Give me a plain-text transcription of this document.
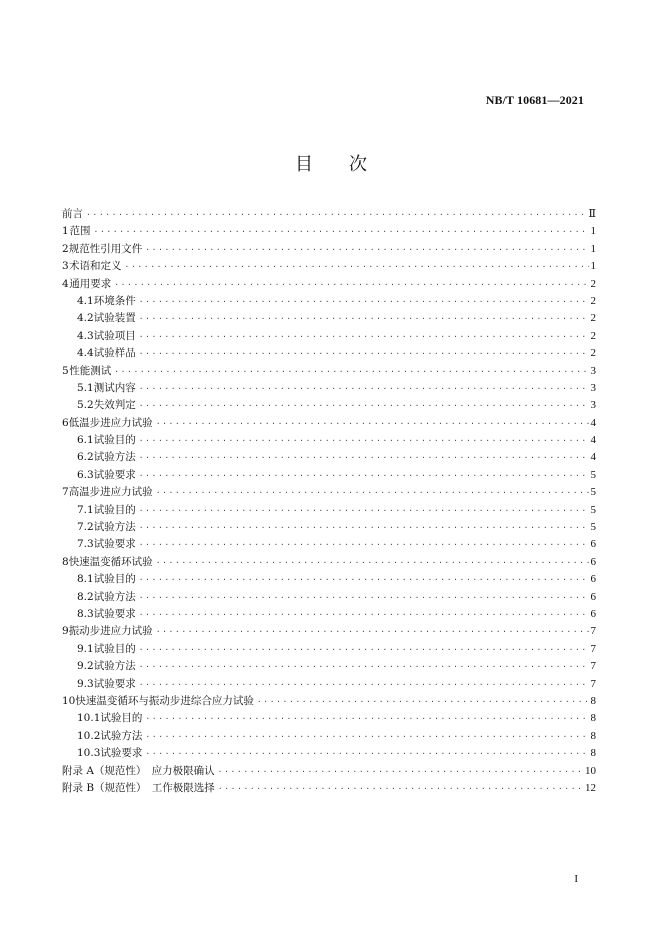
NB/T 10681—2021
目　　次
前言 ·····	Ⅱ
1 范围 ·····	1
2 规范性引用文件 ·····	1
3 术语和定义 ·····	1
4 通用要求 ·····	2
4.1 环境条件 ·····	2
4.2 试验装置 ·····	2
4.3 试验项目 ·····	2
4.4 试验样品 ·····	2
5 性能测试 ·····	3
5.1 测试内容 ·····	3
5.2 失效判定 ·····	3
6 低温步进应力试验 ·····	4
6.1 试验目的 ·····	4
6.2 试验方法 ·····	4
6.3 试验要求 ·····	5
7 高温步进应力试验 ·····	5
7.1 试验目的 ·····	5
7.2 试验方法 ·····	5
7.3 试验要求 ·····	6
8 快速温变循环试验 ·····	6
8.1 试验目的 ·····	6
8.2 试验方法 ·····	6
8.3 试验要求 ·····	6
9 振动步进应力试验 ·····	7
9.1 试验目的 ·····	7
9.2 试验方法 ·····	7
9.3 试验要求 ·····	7
10 快速温变循环与振动步进综合应力试验 ·····	8
10.1 试验目的 ·····	8
10.2 试验方法 ·····	8
10.3 试验要求 ·····	8
附录 A（规范性）　应力极限确认 ·····	10
附录 B（规范性）　工作极限选择 ·····	12
I
